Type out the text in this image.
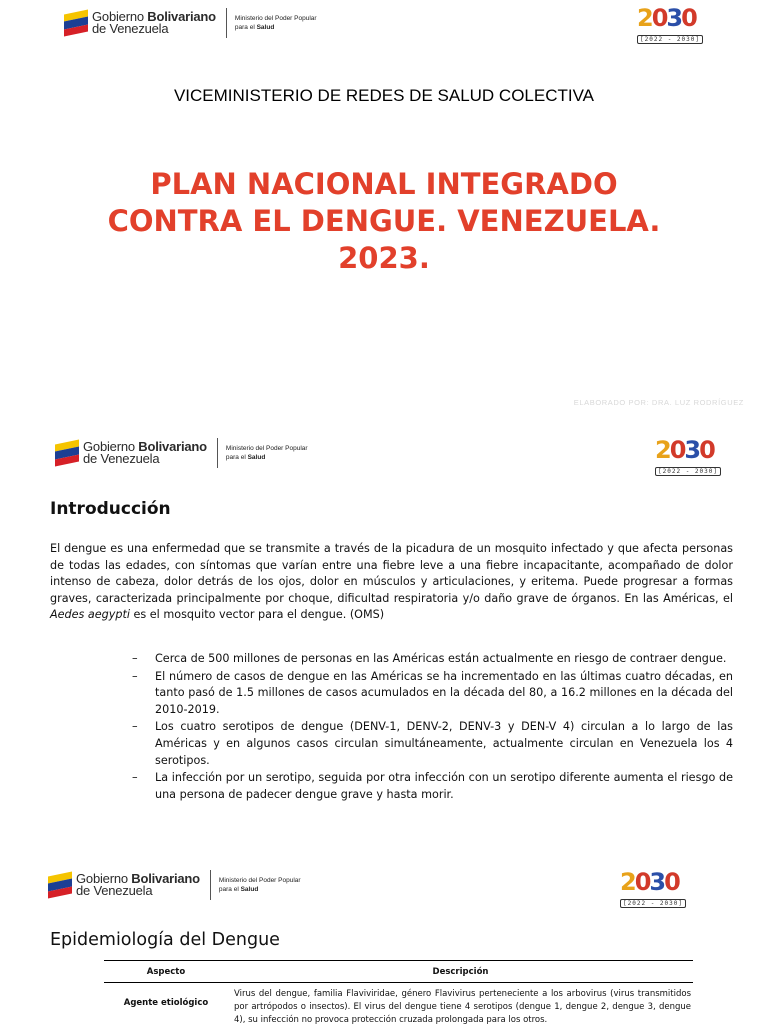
Gobierno Bolivariano
de Venezuela
Ministerio del Poder Popular
para el Salud	2030
[2022 - 2030]
VICEMINISTERIO DE REDES DE SALUD COLECTIVA
PLAN NACIONAL INTEGRADO
CONTRA EL DENGUE. VENEZUELA.
2023.
ELABORADO POR: DRA. LUZ RODRÍGUEZ
Gobierno Bolivariano
de Venezuela
Ministerio del Poder Popular
para el Salud	2030
[2022 - 2030]
Introducción
El dengue es una enfermedad que se transmite a través de la picadura de un mosquito infectado y que afecta personas de todas las edades, con síntomas que varían entre una fiebre leve a una fiebre incapacitante, acompañado de dolor intenso de cabeza, dolor detrás de los ojos, dolor en músculos y articulaciones, y eritema. Puede progresar a formas graves, caracterizada principalmente por choque, dificultad respiratoria y/o daño grave de órganos. En las Américas, el Aedes aegypti es el mosquito vector para el dengue. (OMS)
– Cerca de 500 millones de personas en las Américas están actualmente en riesgo de contraer dengue.
– El número de casos de dengue en las Américas se ha incrementado en las últimas cuatro décadas, en tanto pasó de 1.5 millones de casos acumulados en la década del 80, a 16.2 millones en la década del 2010-2019.
– Los cuatro serotipos de dengue (DENV-1, DENV-2, DENV-3 y DEN-V 4) circulan a lo largo de las Américas y en algunos casos circulan simultáneamente, actualmente circulan en Venezuela los 4 serotipos.
– La infección por un serotipo, seguida por otra infección con un serotipo diferente aumenta el riesgo de una persona de padecer dengue grave y hasta morir.
Gobierno Bolivariano
de Venezuela
Ministerio del Poder Popular
para el Salud	2030
[2022 - 2030]
Epidemiología del Dengue
Aspecto	Descripción
Agente etiológico	Virus del dengue, familia Flaviviridae, género Flavivirus perteneciente a los arbovirus (virus transmitidos por artrópodos o insectos). El virus del dengue tiene 4 serotipos (dengue 1, dengue 2, dengue 3, dengue 4), su infección no provoca protección cruzada prolongada para los otros.
